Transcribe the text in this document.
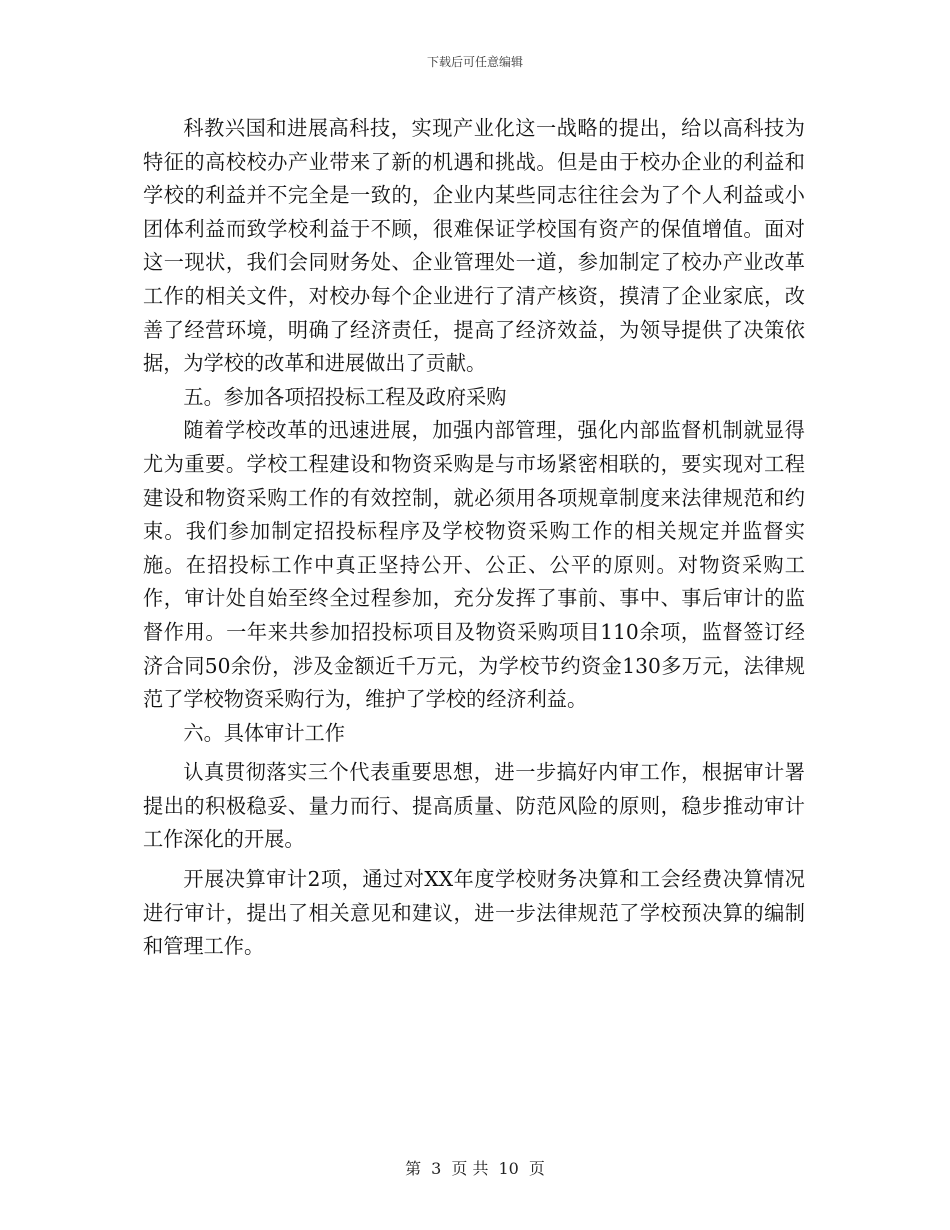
下载后可任意编辑

科教兴国和进展高科技，实现产业化这一战略的提出，给以高科技为特征的高校校办产业带来了新的机遇和挑战。但是由于校办企业的利益和学校的利益并不完全是一致的，企业内某些同志往往会为了个人利益或小团体利益而致学校利益于不顾，很难保证学校国有资产的保值增值。面对这一现状，我们会同财务处、企业管理处一道，参加制定了校办产业改革工作的相关文件，对校办每个企业进行了清产核资，摸清了企业家底，改善了经营环境，明确了经济责任，提高了经济效益，为领导提供了决策依据，为学校的改革和进展做出了贡献。

五。参加各项招投标工程及政府采购

随着学校改革的迅速进展，加强内部管理，强化内部监督机制就显得尤为重要。学校工程建设和物资采购是与市场紧密相联的，要实现对工程建设和物资采购工作的有效控制，就必须用各项规章制度来法律规范和约束。我们参加制定招投标程序及学校物资采购工作的相关规定并监督实施。在招投标工作中真正坚持公开、公正、公平的原则。对物资采购工作，审计处自始至终全过程参加，充分发挥了事前、事中、事后审计的监督作用。一年来共参加招投标项目及物资采购项目110余项，监督签订经济合同50余份，涉及金额近千万元，为学校节约资金130多万元，法律规范了学校物资采购行为，维护了学校的经济利益。

六。具体审计工作

认真贯彻落实三个代表重要思想，进一步搞好内审工作，根据审计署提出的积极稳妥、量力而行、提高质量、防范风险的原则，稳步推动审计工作深化的开展。

开展决算审计2项，通过对XX年度学校财务决算和工会经费决算情况进行审计，提出了相关意见和建议，进一步法律规范了学校预决算的编制和管理工作。

第 3 页 共 10 页
